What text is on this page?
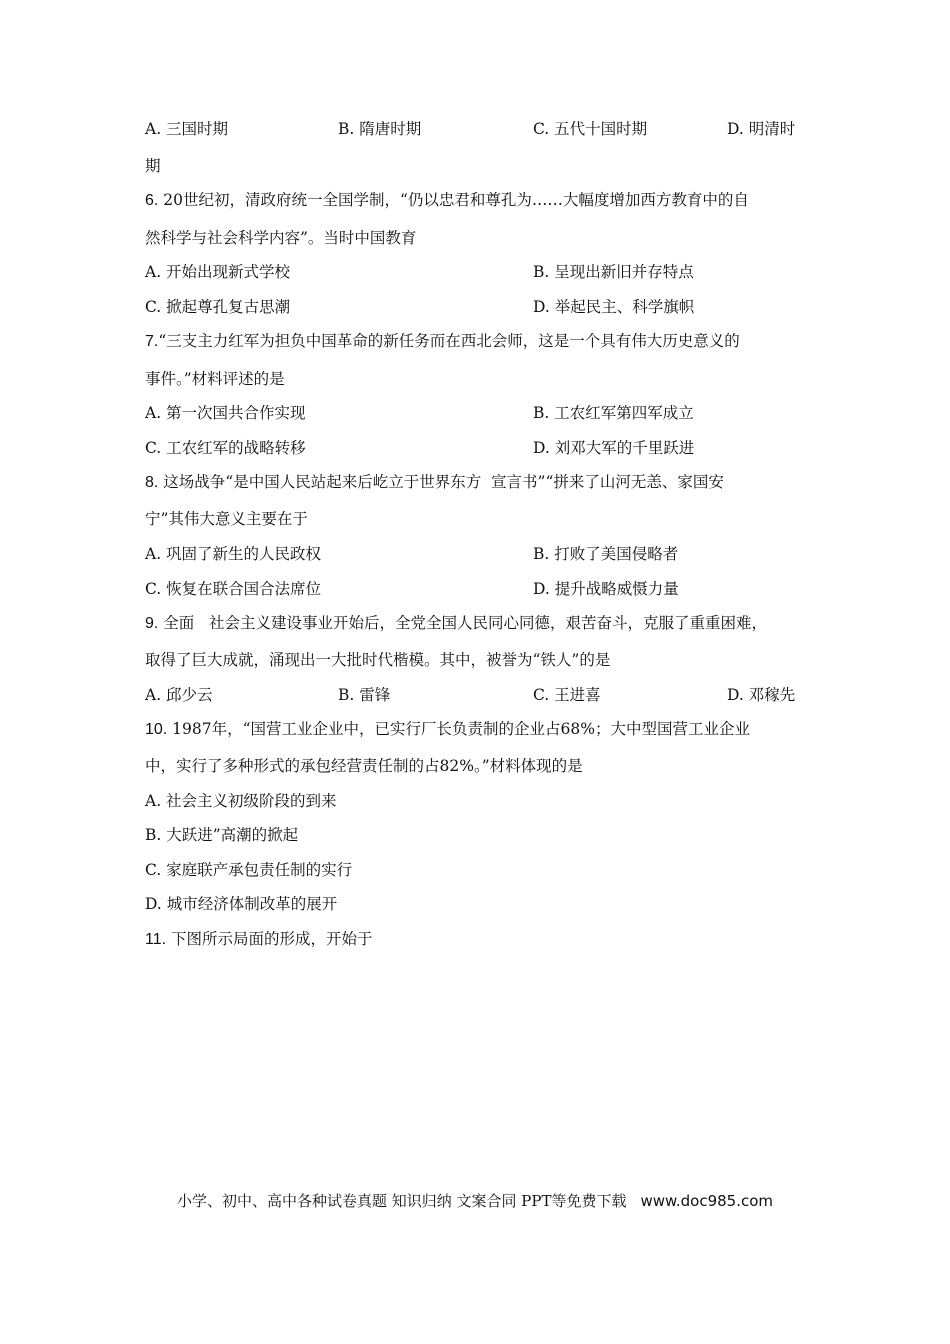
A. 三国时期	B. 隋唐时期	C. 五代十国时期	D. 明清时
期
6. 20世纪初，清政府统一全国学制，“仍以忠君和尊孔为……大幅度增加西方教育中的自
然科学与社会科学内容”。当时中国教育
A. 开始出现新式学校	B. 呈现出新旧并存特点
C. 掀起尊孔复古思潮	D. 举起民主、科学旗帜
7.“三支主力红军为担负中国革命的新任务而在西北会师，这是一个具有伟大历史意义的
事件。”材料评述的是
A. 第一次国共合作实现	B. 工农红军第四军成立
C. 工农红军的战略转移	D. 刘邓大军的千里跃进
8. 这场战争“是中国人民站起来后屹立于世界东方  宣言书”“拼来了山河无恙、家国安
宁”其伟大意义主要在于
A. 巩固了新生的人民政权	B. 打败了美国侵略者
C. 恢复在联合国合法席位	D. 提升战略威慑力量
9. 全面   社会主义建设事业开始后，全党全国人民同心同德，艰苦奋斗，克服了重重困难，
取得了巨大成就，涌现出一大批时代楷模。其中，被誉为“铁人”的是
A. 邱少云	B. 雷锋	C. 王进喜	D. 邓稼先
10. 1987年，“国营工业企业中，已实行厂长负责制的企业占68%；大中型国营工业企业
中，实行了多种形式的承包经营责任制的占82%。”材料体现的是
A. 社会主义初级阶段的到来
B. 大跃进”高潮的掀起
C. 家庭联产承包责任制的实行
D. 城市经济体制改革的展开
11. 下图所示局面的形成，开始于
小学、初中、高中各种试卷真题 知识归纳 文案合同 PPT等免费下载 www.doc985.com
